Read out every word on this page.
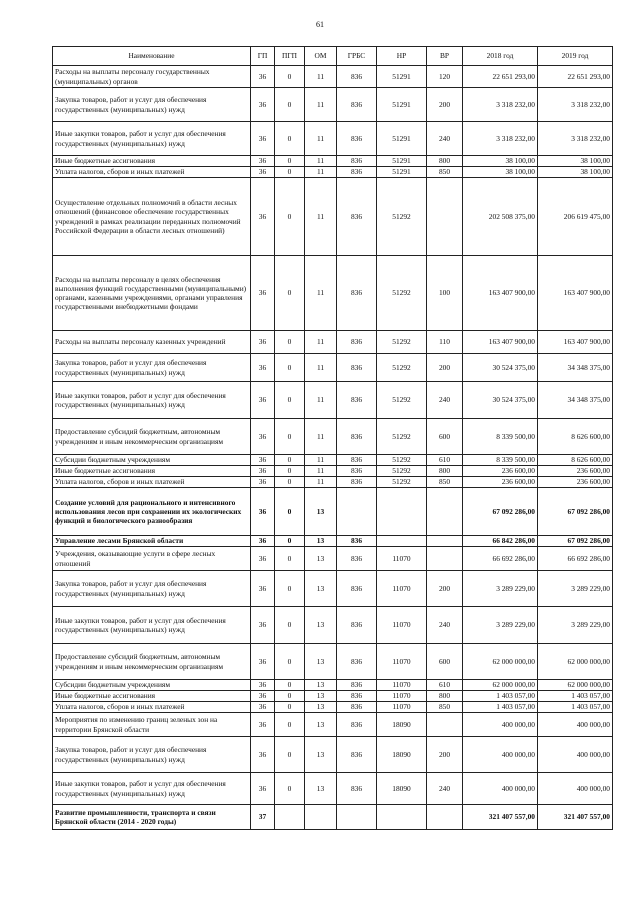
61
Наименование	ГП	ПГП	ОМ	ГРБС	НР	ВР	2018 год	2019 год
Расходы на выплаты персоналу государственных (муниципальных) органов	36	0	11	836	51291	120	22 651 293,00	22 651 293,00
Закупка товаров, работ и услуг для обеспечения государственных (муниципальных) нужд	36	0	11	836	51291	200	3 318 232,00	3 318 232,00
Иные закупки товаров, работ и услуг для обеспечения государственных (муниципальных) нужд	36	0	11	836	51291	240	3 318 232,00	3 318 232,00
Иные бюджетные ассигнования	36	0	11	836	51291	800	38 100,00	38 100,00
Уплата налогов, сборов и иных платежей	36	0	11	836	51291	850	38 100,00	38 100,00
Осуществление отдельных полномочий в области лесных отношений (финансовое обеспечение государственных учреждений в рамках реализации переданных полномочий Российской Федерации в области лесных отношений)	36	0	11	836	51292		202 508 375,00	206 619 475,00
Расходы на выплаты персоналу в целях обеспечения выполнения функций государственными (муниципальными) органами, казенными учреждениями, органами управления государственными внебюджетными фондами	36	0	11	836	51292	100	163 407 900,00	163 407 900,00
Расходы на выплаты персоналу казенных учреждений	36	0	11	836	51292	110	163 407 900,00	163 407 900,00
Закупка товаров, работ и услуг для обеспечения государственных (муниципальных) нужд	36	0	11	836	51292	200	30 524 375,00	34 348 375,00
Иные закупки товаров, работ и услуг для обеспечения государственных (муниципальных) нужд	36	0	11	836	51292	240	30 524 375,00	34 348 375,00
Предоставление субсидий бюджетным, автономным учреждениям и иным некоммерческим организациям	36	0	11	836	51292	600	8 339 500,00	8 626 600,00
Субсидии бюджетным учреждениям	36	0	11	836	51292	610	8 339 500,00	8 626 600,00
Иные бюджетные ассигнования	36	0	11	836	51292	800	236 600,00	236 600,00
Уплата налогов, сборов и иных платежей	36	0	11	836	51292	850	236 600,00	236 600,00
Создание условий для рационального и интенсивного использования лесов при сохранении их экологических функций и биологического разнообразия	36	0	13				67 092 286,00	67 092 286,00
Управление лесами Брянской области	36	0	13	836			66 842 286,00	67 092 286,00
Учреждения, оказывающие услуги в сфере лесных отношений	36	0	13	836	11070		66 692 286,00	66 692 286,00
Закупка товаров, работ и услуг для обеспечения государственных (муниципальных) нужд	36	0	13	836	11070	200	3 289 229,00	3 289 229,00
Иные закупки товаров, работ и услуг для обеспечения государственных (муниципальных) нужд	36	0	13	836	11070	240	3 289 229,00	3 289 229,00
Предоставление субсидий бюджетным, автономным учреждениям и иным некоммерческим организациям	36	0	13	836	11070	600	62 000 000,00	62 000 000,00
Субсидии бюджетным учреждениям	36	0	13	836	11070	610	62 000 000,00	62 000 000,00
Иные бюджетные ассигнования	36	0	13	836	11070	800	1 403 057,00	1 403 057,00
Уплата налогов, сборов и иных платежей	36	0	13	836	11070	850	1 403 057,00	1 403 057,00
Мероприятия по изменению границ зеленых зон на территории Брянской области	36	0	13	836	18090		400 000,00	400 000,00
Закупка товаров, работ и услуг для обеспечения государственных (муниципальных) нужд	36	0	13	836	18090	200	400 000,00	400 000,00
Иные закупки товаров, работ и услуг для обеспечения государственных (муниципальных) нужд	36	0	13	836	18090	240	400 000,00	400 000,00
Развитие промышленности, транспорта и связи Брянской области (2014 - 2020 годы)	37						321 407 557,00	321 407 557,00
